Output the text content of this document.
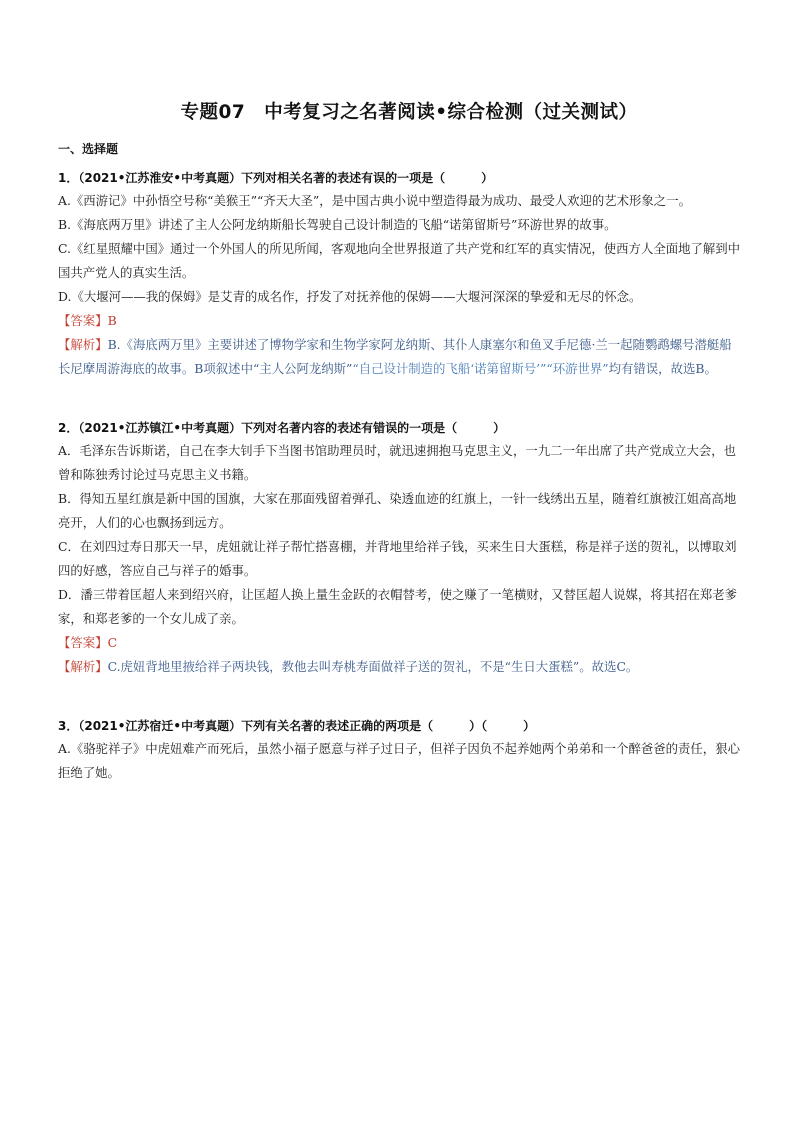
专题07　中考复习之名著阅读•综合检测（过关测试）
一、选择题
1．（2021•江苏淮安•中考真题）下列对相关名著的表述有误的一项是（　　　）
A.《西游记》中孙悟空号称“美猴王”“齐天大圣”，是中国古典小说中塑造得最为成功、最受人欢迎的艺术形象之一。
B.《海底两万里》讲述了主人公阿龙纳斯船长驾驶自己设计制造的飞船“诺第留斯号”环游世界的故事。
C.《红星照耀中国》通过一个外国人的所见所闻，客观地向全世界报道了共产党和红军的真实情况，使西方人全面地了解到中国共产党人的真实生活。
D.《大堰河——我的保姆》是艾青的成名作，抒发了对抚养他的保姆——大堰河深深的挚爱和无尽的怀念。
【答案】B
【解析】B.《海底两万里》主要讲述了博物学家和生物学家阿龙纳斯、其仆人康塞尔和鱼叉手尼德·兰一起随鹦鹉螺号潜艇船长尼摩周游海底的故事。B项叙述中“主人公阿龙纳斯”“自己设计制造的飞船‘诺第留斯号’”“环游世界”均有错误，故选B。
2．（2021•江苏镇江•中考真题）下列对名著内容的表述有错误的一项是（　　　）
A．毛泽东告诉斯诺，自己在李大钊手下当图书馆助理员时，就迅速拥抱马克思主义，一九二一年出席了共产党成立大会，也曾和陈独秀讨论过马克思主义书籍。
B．得知五星红旗是新中国的国旗，大家在那面残留着弹孔、染透血迹的红旗上，一针一线绣出五星，随着红旗被江姐高高地亮开，人们的心也飘扬到远方。
C．在刘四过寿日那天一早，虎妞就让祥子帮忙搭喜棚，并背地里给祥子钱，买来生日大蛋糕，称是祥子送的贺礼，以博取刘四的好感，答应自己与祥子的婚事。
D．潘三带着匡超人来到绍兴府，让匡超人换上量生金跃的衣帽替考，使之赚了一笔横财，又替匡超人说媒，将其招在郑老爹家，和郑老爹的一个女儿成了亲。
【答案】C
【解析】C.虎妞背地里掖给祥子两块钱，教他去叫寿桃寿面做祥子送的贺礼，不是“生日大蛋糕”。故选C。
3．（2021•江苏宿迁•中考真题）下列有关名著的表述正确的两项是（　　　）（　　　）
A.《骆驼祥子》中虎妞难产而死后，虽然小福子愿意与祥子过日子，但祥子因负不起养她两个弟弟和一个醉爸爸的责任，狠心拒绝了她。
